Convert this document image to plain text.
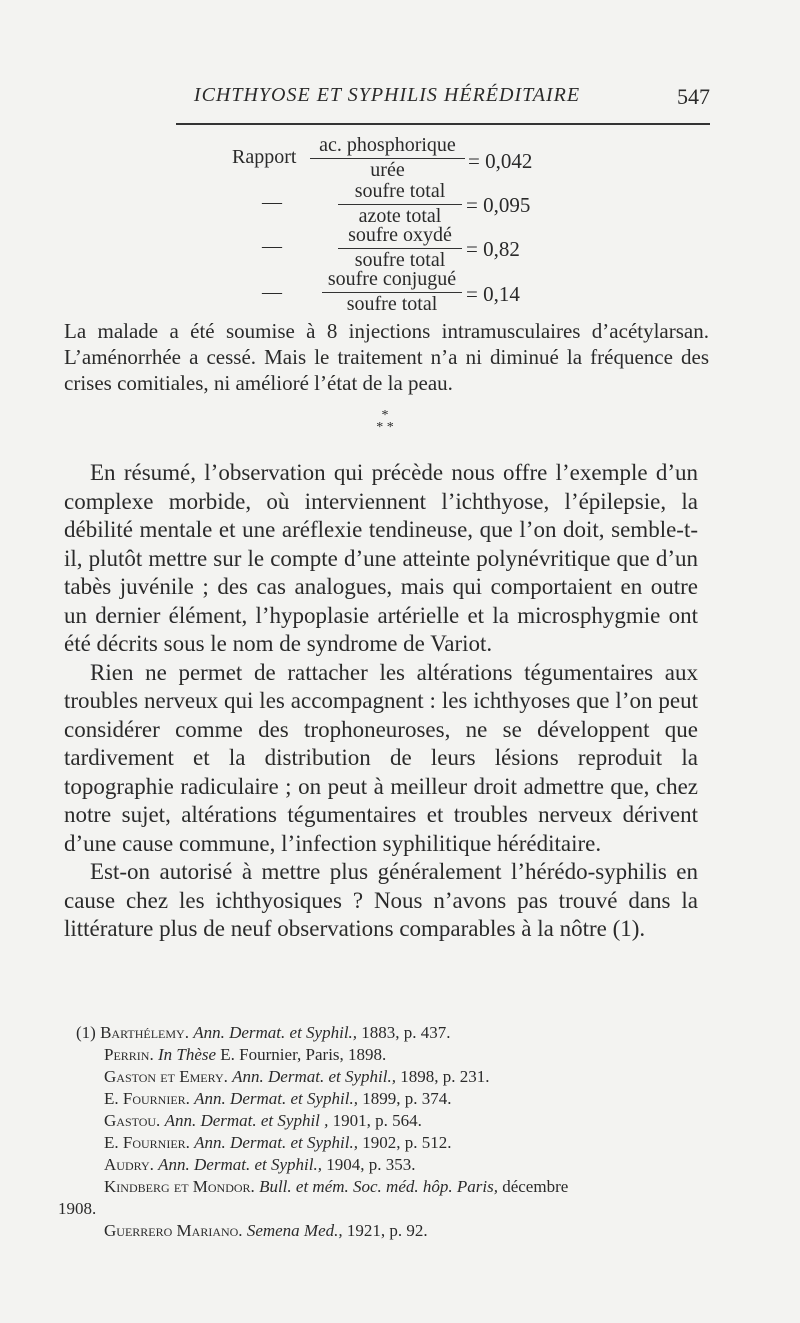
ICHTHYOSE ET SYPHILIS HÉRÉDITAIRE	547
Rapport
ac. phosphorique
urée	= 0,042
—	soufre total
azote total	= 0,095
—	soufre oxydé
soufre total = 0,82
—
soufre conjugué
soufre total	= 0,14
La malade a été soumise à 8 injections intramusculaires d’acétylarsan. L’aménorrhée a cessé. Mais le traitement n’a ni diminué la fréquence des crises comitiales, ni amélioré l’état de la peau.
*
* *

En résumé, l’observation qui précède nous offre l’exemple d’un complexe morbide, où interviennent l’ichthyose, l’épilepsie, la débilité mentale et une aréflexie tendineuse, que l’on doit, semble-t-il, plutôt mettre sur le compte d’une atteinte polynévritique que d’un tabès juvénile ; des cas analogues, mais qui comportaient en outre un dernier élément, l’hypoplasie artérielle et la microsphygmie ont été décrits sous le nom de syndrome de Variot.

Rien ne permet de rattacher les altérations tégumentaires aux troubles nerveux qui les accompagnent : les ichthyoses que l’on peut considérer comme des trophoneuroses, ne se développent que tardivement et la distribution de leurs lésions reproduit la topographie radiculaire ; on peut à meilleur droit admettre que, chez notre sujet, altérations tégumentaires et troubles nerveux dérivent d’une cause commune, l’infection syphilitique héréditaire.

Est-on autorisé à mettre plus généralement l’hérédo-syphilis en cause chez les ichthyosiques ? Nous n’avons pas trouvé dans la littérature plus de neuf observations comparables à la nôtre (1).

(1) Barthélemy. Ann. Dermat. et Syphil., 1883, p. 437.
Perrin. In Thèse E. Fournier, Paris, 1898.
Gaston et Emery. Ann. Dermat. et Syphil., 1898, p. 231.
E. Fournier. Ann. Dermat. et Syphil., 1899, p. 374.
Gastou. Ann. Dermat. et Syphil , 1901, p. 564.
E. Fournier. Ann. Dermat. et Syphil., 1902, p. 512.
Audry. Ann. Dermat. et Syphil., 1904, p. 353.
Kindberg et Mondor. Bull. et mém. Soc. méd. hôp. Paris, décembre
1908.
Guerrero Mariano. Semena Med., 1921, p. 92.
